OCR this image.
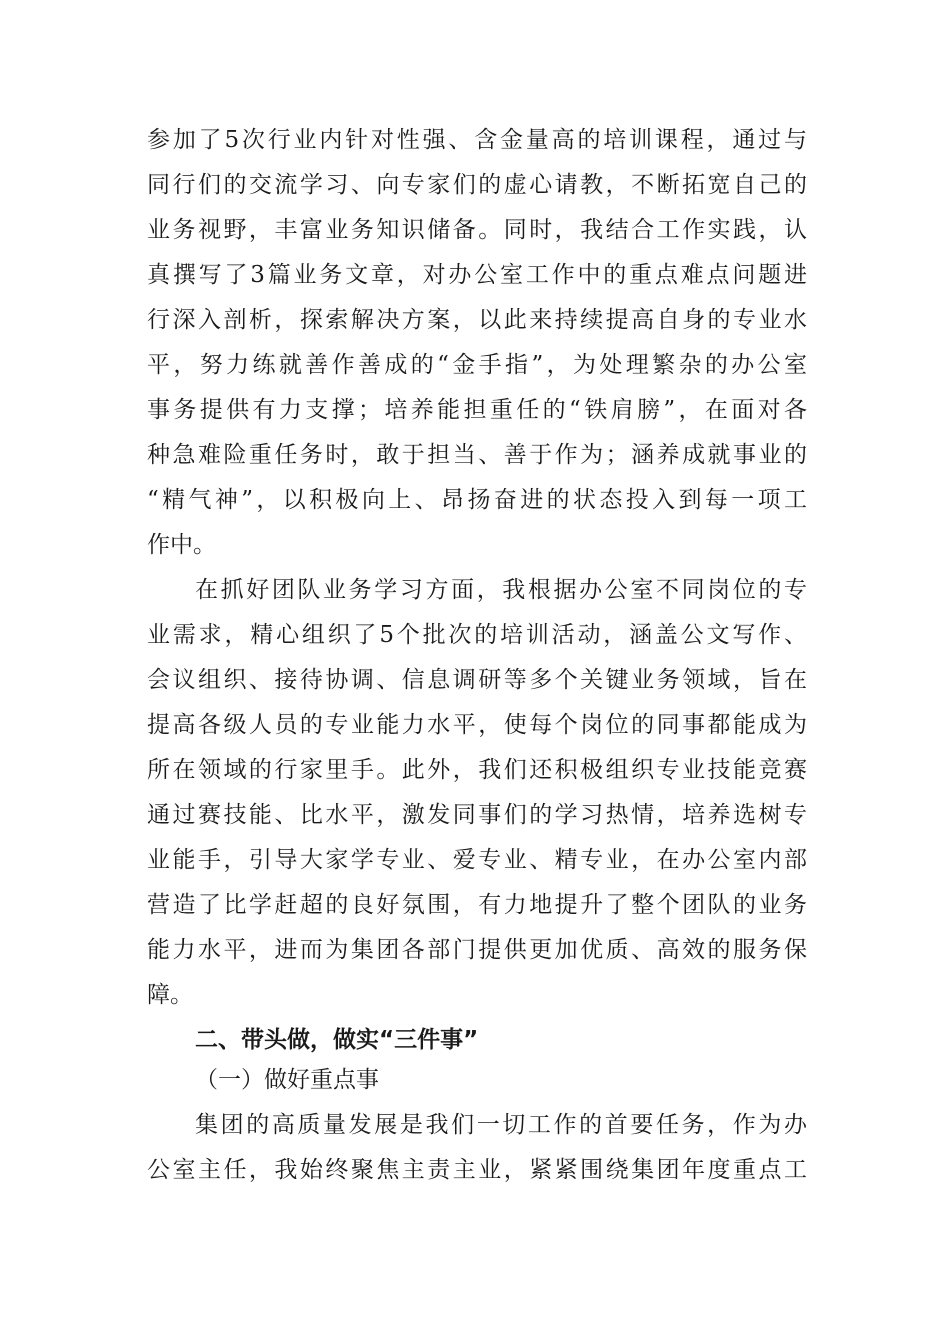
参加了5次行业内针对性强、含金量高的培训课程，通过与
同行们的交流学习、向专家们的虚心请教，不断拓宽自己的
业务视野，丰富业务知识储备。同时，我结合工作实践，认
真撰写了3篇业务文章，对办公室工作中的重点难点问题进
行深入剖析，探索解决方案，以此来持续提高自身的专业水
平，努力练就善作善成的“金手指”，为处理繁杂的办公室
事务提供有力支撑；培养能担重任的“铁肩膀”，在面对各
种急难险重任务时，敢于担当、善于作为；涵养成就事业的
“精气神”，以积极向上、昂扬奋进的状态投入到每一项工
作中。
在抓好团队业务学习方面，我根据办公室不同岗位的专
业需求，精心组织了5个批次的培训活动，涵盖公文写作、
会议组织、接待协调、信息调研等多个关键业务领域，旨在
提高各级人员的专业能力水平，使每个岗位的同事都能成为
所在领域的行家里手。此外，我们还积极组织专业技能竞赛
通过赛技能、比水平，激发同事们的学习热情，培养选树专
业能手，引导大家学专业、爱专业、精专业，在办公室内部
营造了比学赶超的良好氛围，有力地提升了整个团队的业务
能力水平，进而为集团各部门提供更加优质、高效的服务保
障。
二、带头做，做实“三件事”
（一）做好重点事
集团的高质量发展是我们一切工作的首要任务，作为办
公室主任，我始终聚焦主责主业，紧紧围绕集团年度重点工
